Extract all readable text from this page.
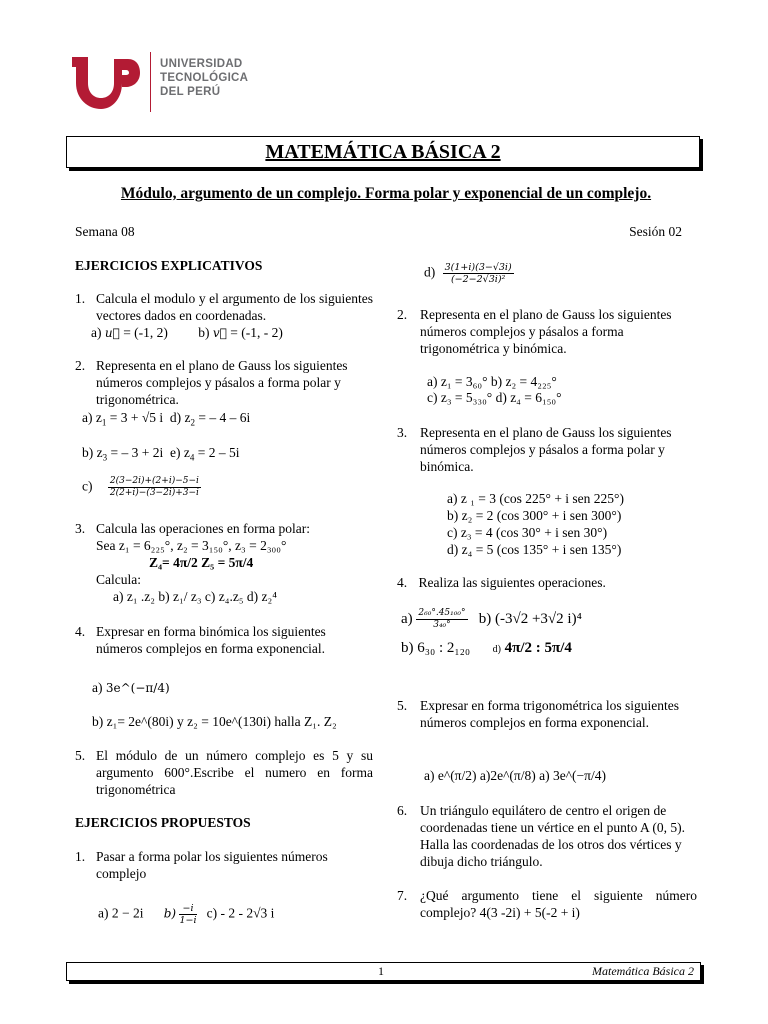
UNIVERSIDAD
TECNOLÓGICA
DEL PERÚ
MATEMÁTICA BÁSICA 2
Módulo, argumento de un complejo. Forma polar y exponencial de un complejo.
Semana 08	Sesión 02
EJERCICIOS EXPLICATIVOS
1. Calcula el modulo y el argumento de los siguientes vectores dados en coordenadas.
a) u⃗ = (-1, 2) b) v⃗ = (-1, - 2)
2. Representa en el plano de Gauss los siguientes números complejos y pásalos a forma polar y trigonométrica.
a) $z_1 = 3 + √5$ i d) $z_2$ = – 4 – 6i
b) $z_3$ = – 3 + 2i e) $z_4 = 2 - 5i$
$c) \frac{2(3-2i)+(2+i)-5-i}{2(2+i)-(3-2i)+3-i}$
3. Calcula las operaciones en forma polar:
Sea z₁ = 6₂₂₅°, z₂ = 3₁₅₀°, z₃ = 2₃₀₀°
Z₄= 4π/2 Z₅ = 5π/4
Calcula:
a) z₁ .z₂ b) z₁/ z₃ c) z₄.z₅ d) z₂⁴
4. Expresar en forma binómica los siguientes números complejos en forma exponencial.
a) 3e^(−π/4)
b) z₁= 2e^(80i) y z₂ = 10e^(130i) halla Z₁. Z₂
5. El módulo de un número complejo es 5 y su argumento 600°.Escribe el numero en forma trigonométrica
EJERCICIOS PROPUESTOS
1. Pasar a forma polar los siguientes números complejo
a) 2 − 2i $b) \frac{-i}{1-i} c) - 2 - 2√3$ i
$d) \frac{3(1+i)(3-√3i)}{\text{(−2−2√3i)²}}$
2. Representa en el plano de Gauss los siguientes números complejos y pásalos a forma trigonométrica y binómica.
a) z₁ = 3₆₀° b) z₂ = 4₂₂₅°
c) z₃ = 5₃₃₀° d) z₄ = 6₁₅₀°
3. Representa en el plano de Gauss los siguientes números complejos y pásalos a forma polar y binómica.
a) z ₁ = 3 (cos 225° + i sen 225°)
b) z₂ = 2 (cos 300° + i sen 300°)
c) z₃ = 4 (cos 30° + i sen 30°)
d) z₄ = 5 (cos 135° + i sen 135°)
4. Realiza las siguientes operaciones.
$a) \frac{\text{2₆₀°.45₁₀₀°}}{\text{3₄₀°}} b$) (-3√2 +3√2 i)⁴
b) 6₃₀ : 2₁₂₀ d) 4π/2 : 5π/4
5. Expresar en forma trigonométrica los siguientes números complejos en forma exponencial.
a) e^(π/2) a)2e^(π/8) a) 3e^(−π/4)
6. Un triángulo equilátero de centro el origen de coordenadas tiene un vértice en el punto A (0, 5). Halla las coordenadas de los otros dos vértices y dibuja dicho triángulo.
7. ¿Qué argumento tiene el siguiente número complejo? 4(3 -2i) + 5(-2 + i)
1	Matemática Básica 2
